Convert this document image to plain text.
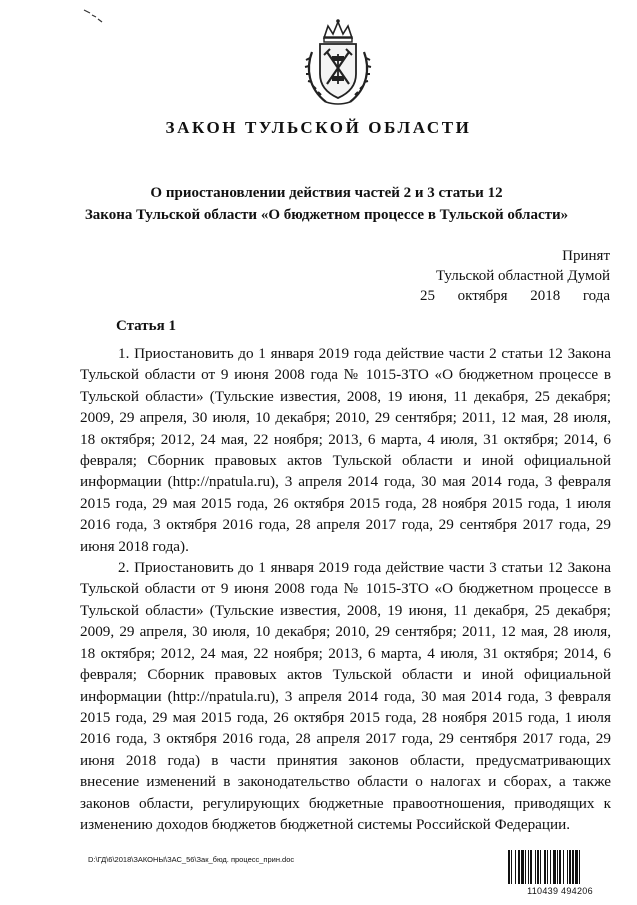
ЗАКОН ТУЛЬСКОЙ ОБЛАСТИ
О приостановлении действия частей 2 и 3 статьи 12
Закона Тульской области «О бюджетном процессе в Тульской области»
Принят
Тульской областной Думой
25 октября 2018 года
Статья 1

1. Приостановить до 1 января 2019 года действие части 2 статьи 12 Закона Тульской области от 9 июня 2008 года № 1015-ЗТО «О бюджетном процессе в Тульской области» (Тульские известия, 2008, 19 июня, 11 декабря, 25 декабря; 2009, 29 апреля, 30 июля, 10 декабря; 2010, 29 сентября; 2011, 12 мая, 28 июля, 18 октября; 2012, 24 мая, 22 ноября; 2013, 6 марта, 4 июля, 31 октября; 2014, 6 февраля; Сборник правовых актов Тульской области и иной официальной информации (http://npatula.ru), 3 апреля 2014 года, 30 мая 2014 года, 3 февраля 2015 года, 29 мая 2015 года, 26 октября 2015 года, 28 ноября 2015 года, 1 июля 2016 года, 3 октября 2016 года, 28 апреля 2017 года, 29 сентября 2017 года, 29 июня 2018 года).

2. Приостановить до 1 января 2019 года действие части 3 статьи 12 Закона Тульской области от 9 июня 2008 года № 1015-ЗТО «О бюджетном процессе в Тульской области» (Тульские известия, 2008, 19 июня, 11 декабря, 25 декабря; 2009, 29 апреля, 30 июля, 10 декабря; 2010, 29 сентября; 2011, 12 мая, 28 июля, 18 октября; 2012, 24 мая, 22 ноября; 2013, 6 марта, 4 июля, 31 октября; 2014, 6 февраля; Сборник правовых актов Тульской области и иной официальной информации (http://npatula.ru), 3 апреля 2014 года, 30 мая 2014 года, 3 февраля 2015 года, 29 мая 2015 года, 26 октября 2015 года, 28 ноября 2015 года, 1 июля 2016 года, 3 октября 2016 года, 28 апреля 2017 года, 29 сентября 2017 года, 29 июня 2018 года) в части принятия законов области, предусматривающих внесение изменений в законодательство области о налогах и сборах, а также законов области, регулирующих бюджетные правоотношения, приводящих к изменению доходов бюджетов бюджетной системы Российской Федерации.

D:\ГД\6\2018\ЗАКОНЫ\ЗАС_56\Зак_бюд. процесс_прин.doc
110439 494206
